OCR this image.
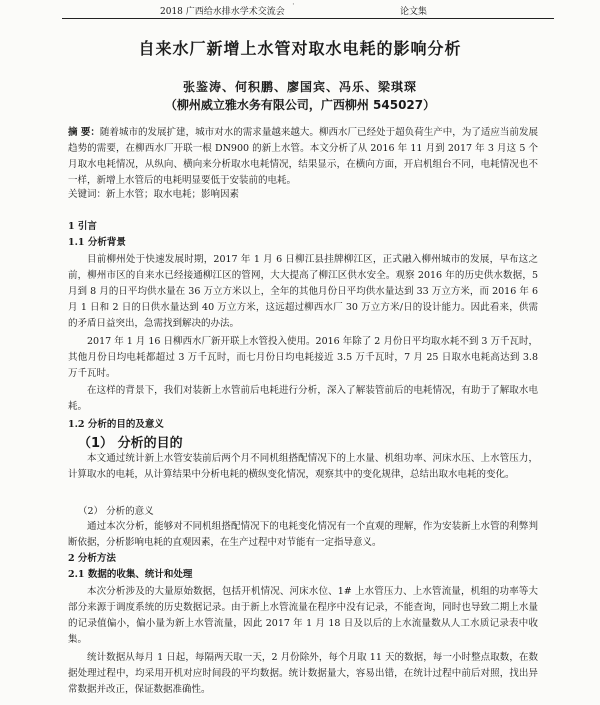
2018 广西给水排水学术交流会
·
论文集
自来水厂新增上水管对取水电耗的影响分析
张鉴涛、何积鹏、廖国宾、冯乐、梁琪琛
（柳州威立雅水务有限公司，广西柳州 545027）
摘 要：随着城市的发展扩建，城市对水的需求量越来越大。柳西水厂已经处于超负荷生产中，为了适应当前发展趋势的需要，在柳西水厂开联一根 DN900 的新上水管。本文分析了从 2016 年 11 月到 2017 年 3 月这 5 个月取水电耗情况，从纵向、横向来分析取水电耗情况，结果显示，在横向方面，开启机组台不同，电耗情况也不一样，新增上水管后的电耗明显要低于安装前的电耗。
关键词：新上水管；取水电耗；影响因素
1 引言
1.1 分析背景
目前柳州处于快速发展时期，2017 年 1 月 6 日柳江县挂牌柳江区，正式融入柳州城市的发展，早布这之前，柳州市区的自来水已经接通柳江区的管网，大大提高了柳江区供水安全。观察 2016 年的历史供水数据，5 月到 8 月的日平均供水量在 36 万立方米以上，全年的其他月份日平均供水量达到 33 万立方米，而 2016 年 6 月 1 日和 2 日的日供水量达到 40 万立方米，这远超过柳西水厂 30 万立方米/日的设计能力。因此看来，供需的矛盾日益突出，急需找到解决的办法。
2017 年 1 月 16 日柳西水厂新开联上水管投入使用。2016 年除了 2 月份日平均取水耗不到 3 万千瓦时，其他月份日均电耗都超过 3 万千瓦时，而七月份日均电耗接近 3.5 万千瓦时，7 月 25 日取水电耗高达到 3.8 万千瓦时。
在这样的背景下，我们对装新上水管前后电耗进行分析，深入了解装管前后的电耗情况，有助于了解取水电耗。
1.2 分析的目的及意义
（1） 分析的目的
本文通过统计新上水管安装前后两个月不同机组搭配情况下的上水量、机组功率、河床水压、上水管压力，计算取水的电耗，从计算结果中分析电耗的横纵变化情况，观察其中的变化规律，总结出取水电耗的变化。
（2） 分析的意义
通过本次分析，能够对不同机组搭配情况下的电耗变化情况有一个直观的理解，作为安装新上水管的利弊判断依据，分析影响电耗的直观因素，在生产过程中对节能有一定指导意义。
2 分析方法
2.1 数据的收集、统计和处理
本次分析涉及的大量原始数据，包括开机情况、河床水位、1# 上水管压力、上水管流量，机组的功率等大部分来源于调度系统的历史数据记录。由于新上水管流量在程序中没有记录，不能查询，同时也导致二期上水量的记录值偏小，偏小量为新上水管流量，因此 2017 年 1 月 18 日及以后的上水流量数从人工水质记录表中收集。
统计数据从每月 1 日起，每隔两天取一天，2 月份除外，每个月取 11 天的数据，每一小时整点取数，在数据处理过程中，均采用开机对应时间段的平均数据。统计数据量大，容易出错，在统计过程中前后对照，找出异常数据并改正，保证数据准确性。
